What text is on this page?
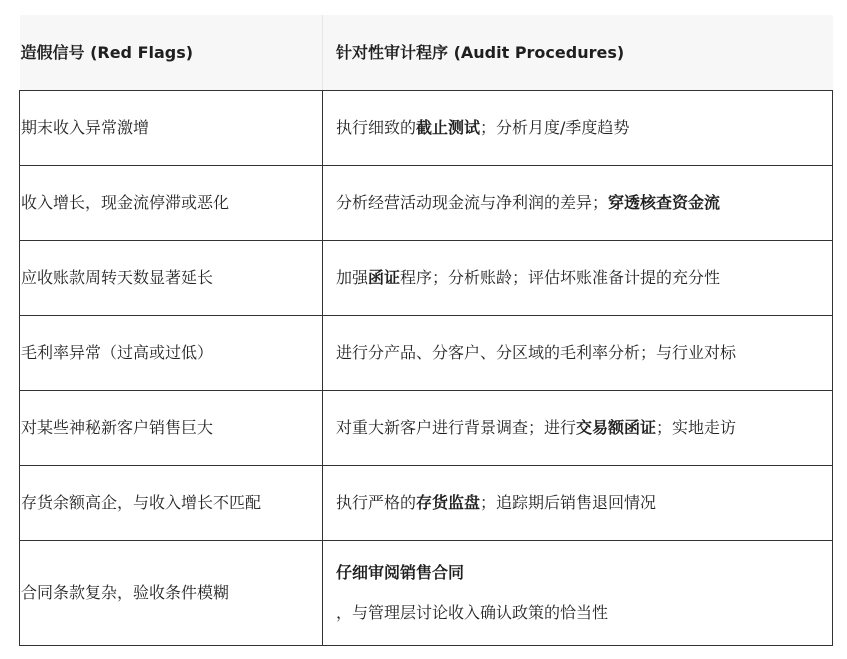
造假信号 (Red Flags)	针对性审计程序 (Audit Procedures)
期末收入异常激增	执行细致的截止测试；分析月度/季度趋势
收入增长，现金流停滞或恶化	分析经营活动现金流与净利润的差异；穿透核查资金流
应收账款周转天数显著延长	加强函证程序；分析账龄；评估坏账准备计提的充分性
毛利率异常（过高或过低）	进行分产品、分客户、分区域的毛利率分析；与行业对标
对某些神秘新客户销售巨大	对重大新客户进行背景调查；进行交易额函证；实地走访
存货余额高企，与收入增长不匹配	执行严格的存货监盘；追踪期后销售退回情况
合同条款复杂，验收条件模糊	仔细审阅销售合同
，与管理层讨论收入确认政策的恰当性
